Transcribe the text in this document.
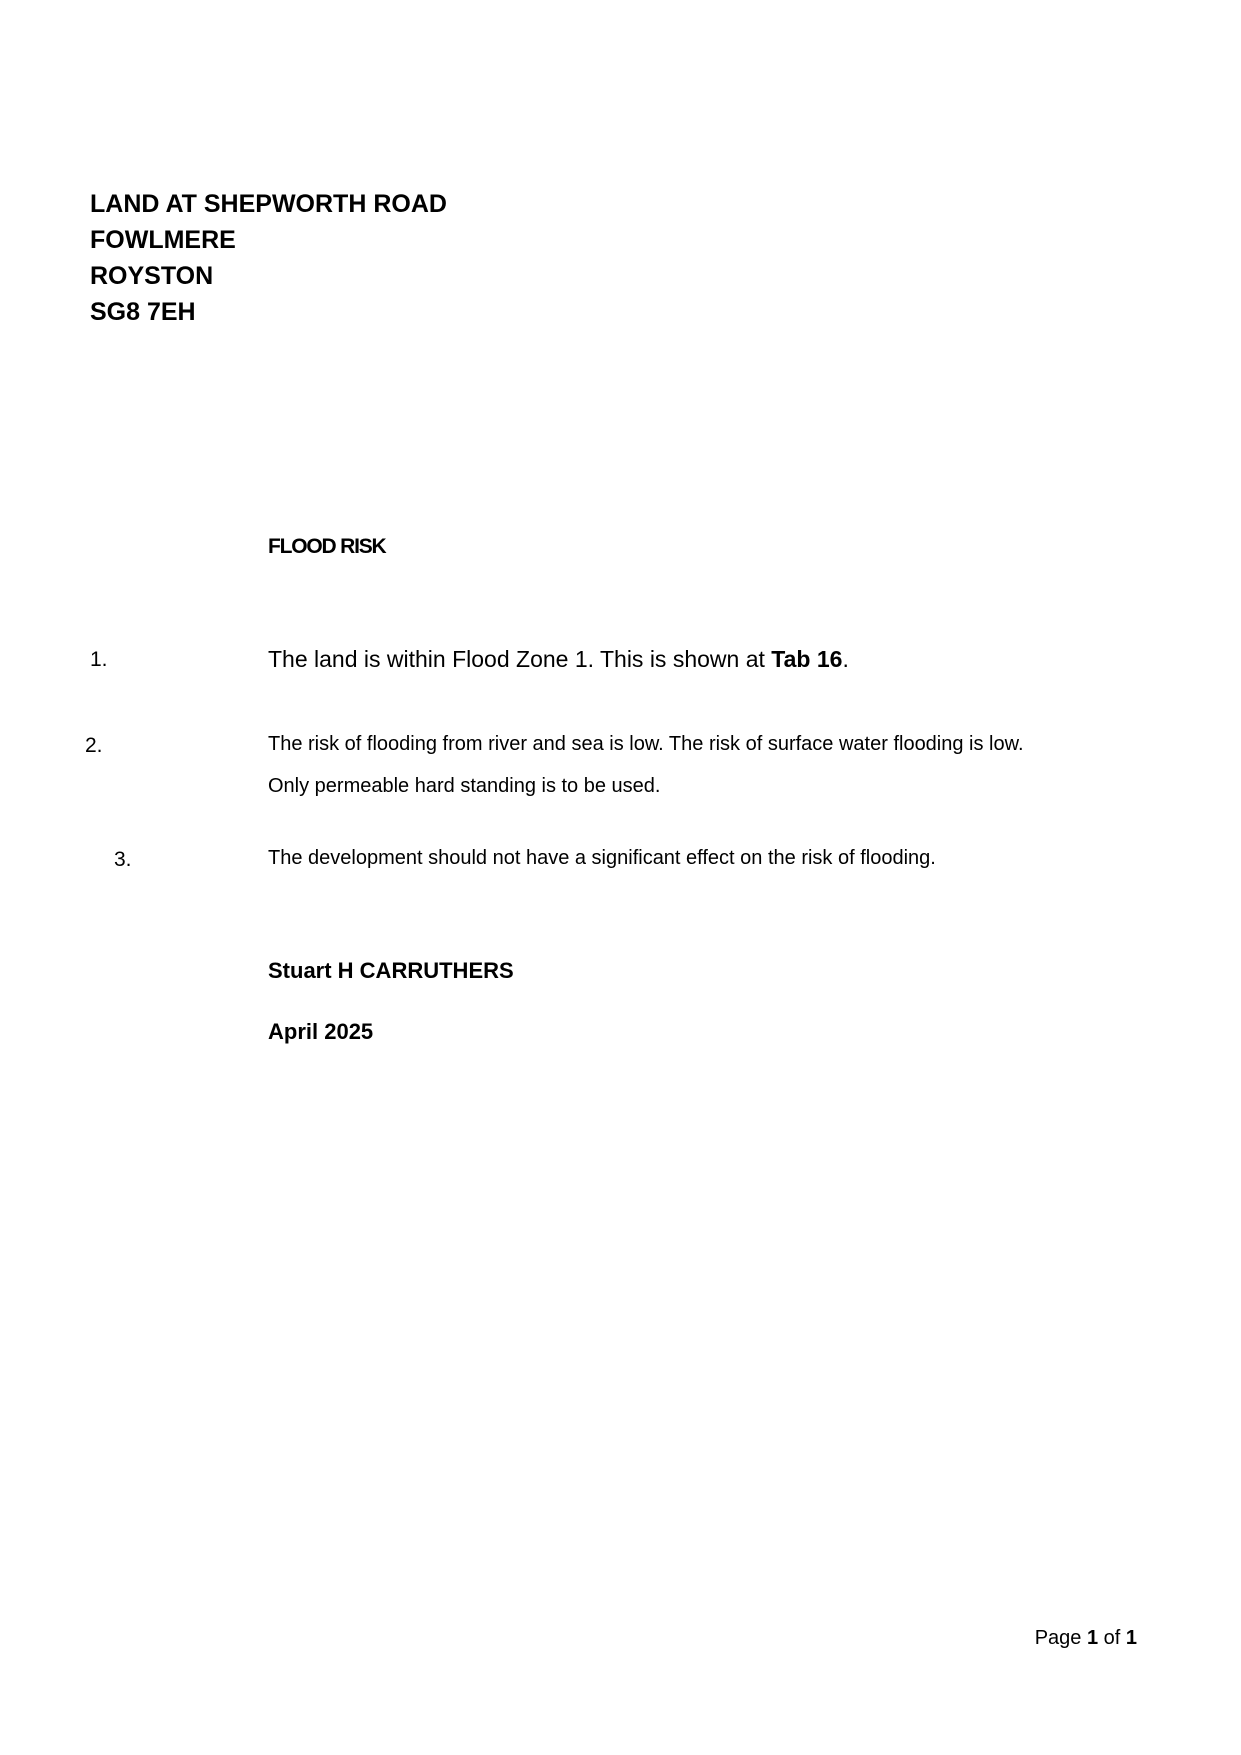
LAND AT SHEPWORTH ROAD
FOWLMERE
ROYSTON
SG8 7EH
FLOOD RISK
1.	The land is within Flood Zone 1. This is shown at Tab 16.
2.	The risk of flooding from river and sea is low. The risk of surface water flooding is low.
Only permeable hard standing is to be used.
3.	The development should not have a significant effect on the risk of flooding.
Stuart H CARRUTHERS
April 2025
Page 1 of 1
